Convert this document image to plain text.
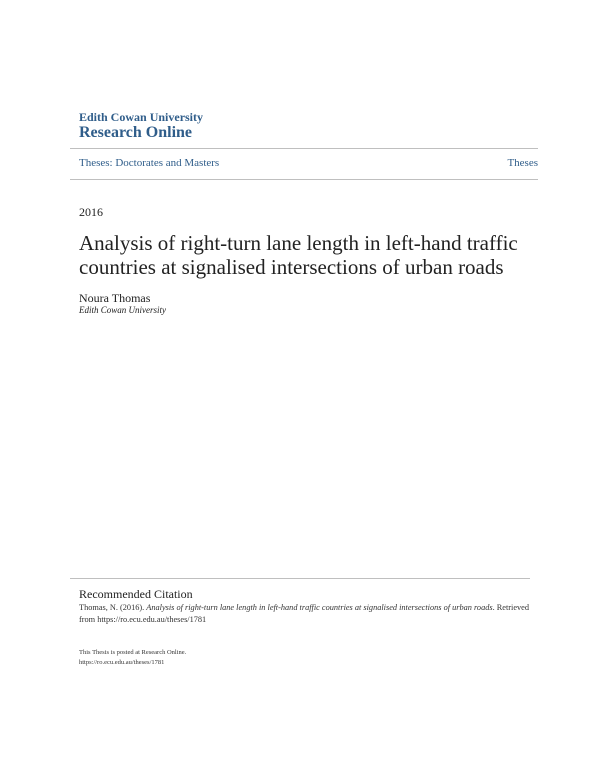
Edith Cowan University
Research Online
Theses: Doctorates and Masters	Theses
2016
Analysis of right-turn lane length in left-hand traffic countries at signalised intersections of urban roads
Noura Thomas
Edith Cowan University
Recommended Citation
Thomas, N. (2016). Analysis of right-turn lane length in left-hand traffic countries at signalised intersections of urban roads. Retrieved from https://ro.ecu.edu.au/theses/1781
This Thesis is posted at Research Online.
https://ro.ecu.edu.au/theses/1781
